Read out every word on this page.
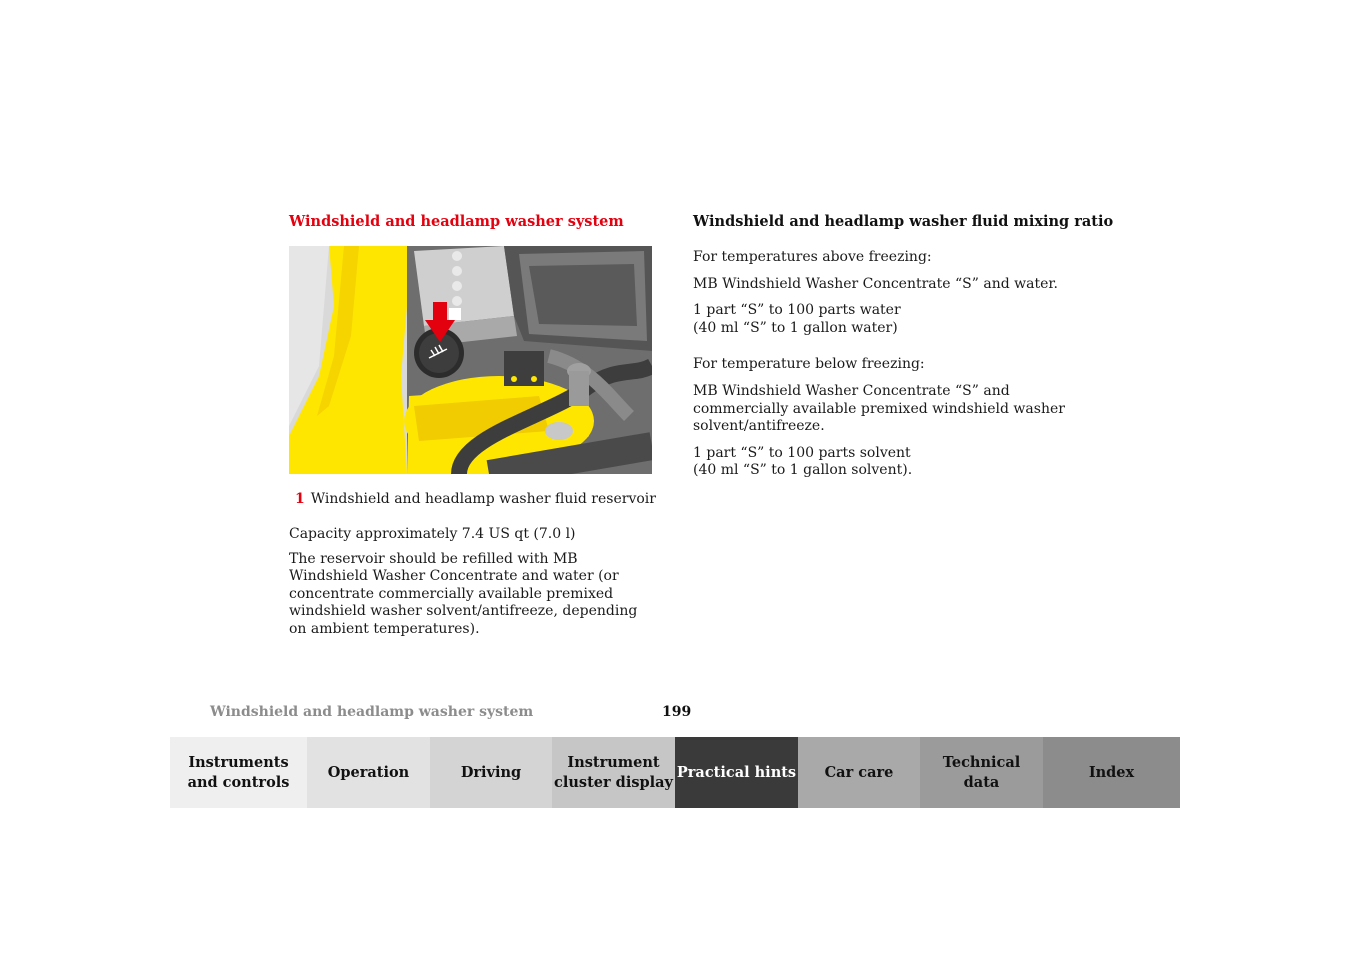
Windshield and headlamp washer system
1 Windshield and headlamp washer fluid reservoir

Capacity approximately 7.4 US qt (7.0 l)

The reservoir should be refilled with MB Windshield Washer Concentrate and water (or concentrate commercially available premixed windshield washer solvent/antifreeze, depending on ambient temperatures).

Windshield and headlamp washer fluid mixing ratio

For temperatures above freezing:

MB Windshield Washer Concentrate “S” and water.

1 part “S” to 100 parts water

(40 ml “S” to 1 gallon water)

For temperature below freezing:

MB Windshield Washer Concentrate “S” and commercially available premixed windshield washer solvent/antifreeze.

1 part “S” to 100 parts solvent

(40 ml “S” to 1 gallon solvent).

Windshield and headlamp washer system	199
Instruments
and controls
Operation	Driving
Instrument
cluster display
Practical hints	Car care
Technical
data
Index
